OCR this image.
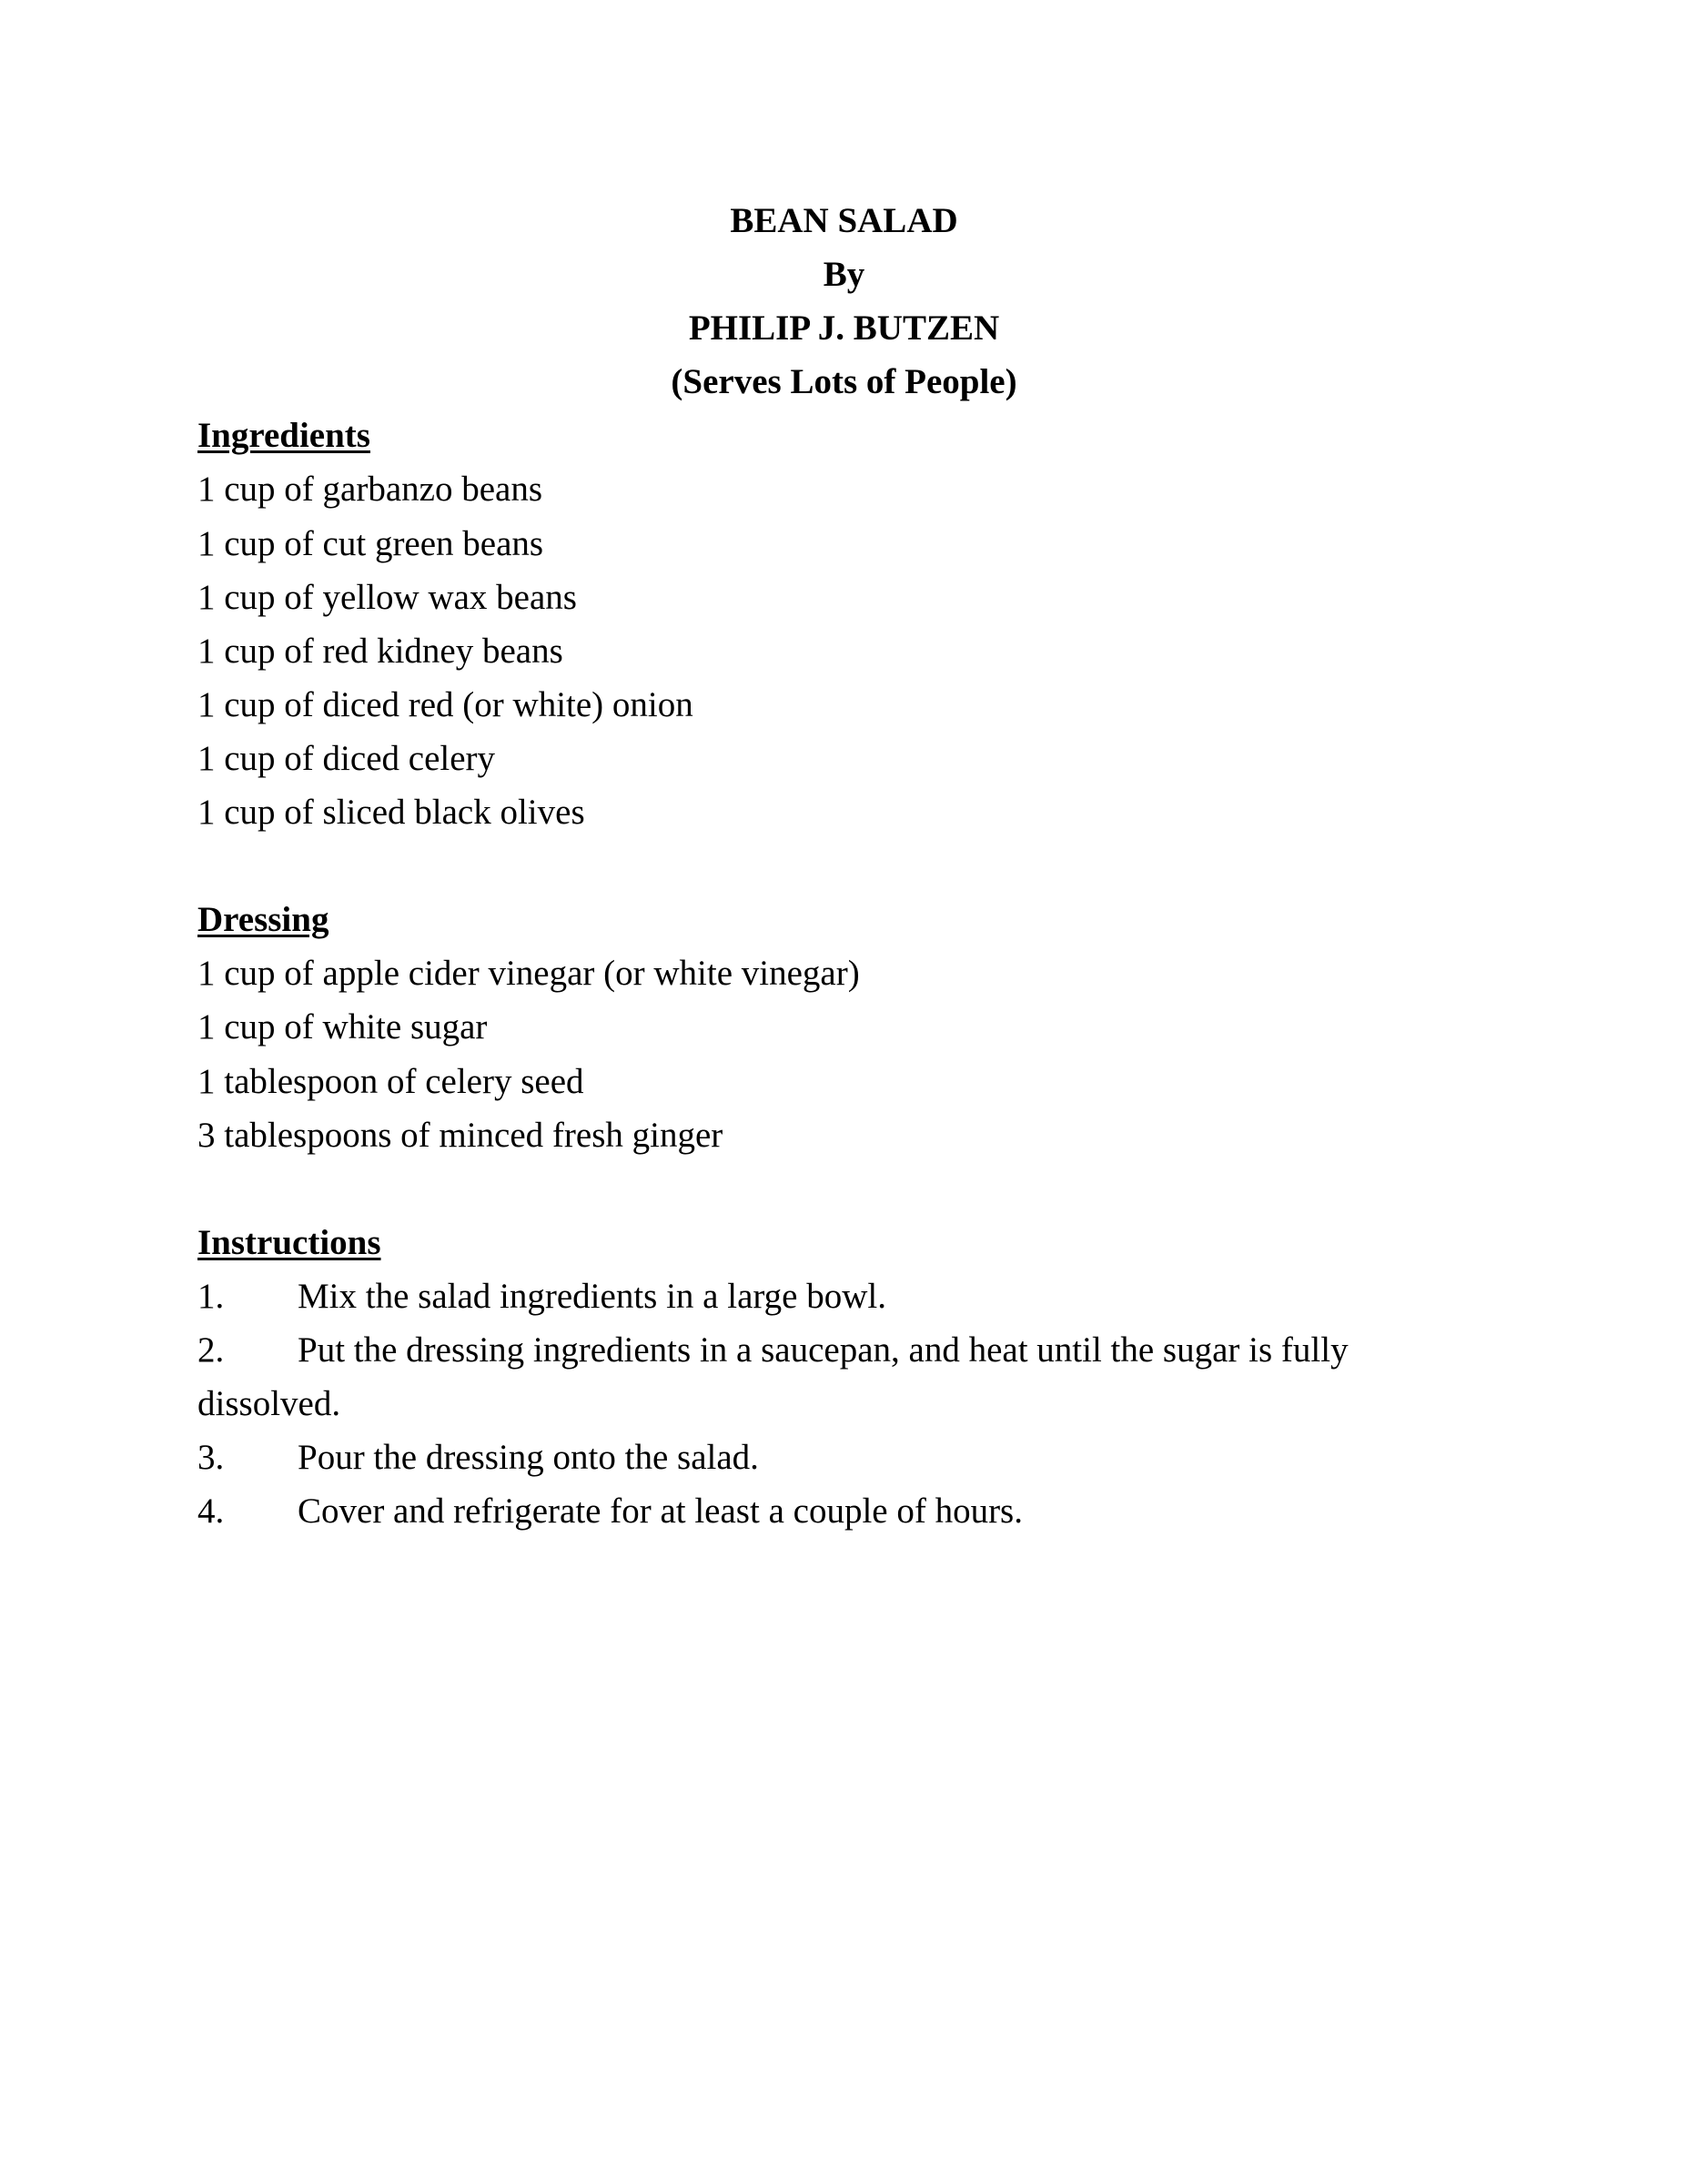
BEAN SALAD
By
PHILIP J. BUTZEN
(Serves Lots of People)
Ingredients
1 cup of garbanzo beans
1 cup of cut green beans
1 cup of yellow wax beans
1 cup of red kidney beans
1 cup of diced red (or white) onion
1 cup of diced celery
1 cup of sliced black olives
Dressing
1 cup of apple cider vinegar (or white vinegar)
1 cup of white sugar
1 tablespoon of celery seed
3 tablespoons of minced fresh ginger
Instructions
1. Mix the salad ingredients in a large bowl.
2. Put the dressing ingredients in a saucepan, and heat until the sugar is fully
dissolved.
3. Pour the dressing onto the salad.
4. Cover and refrigerate for at least a couple of hours.
